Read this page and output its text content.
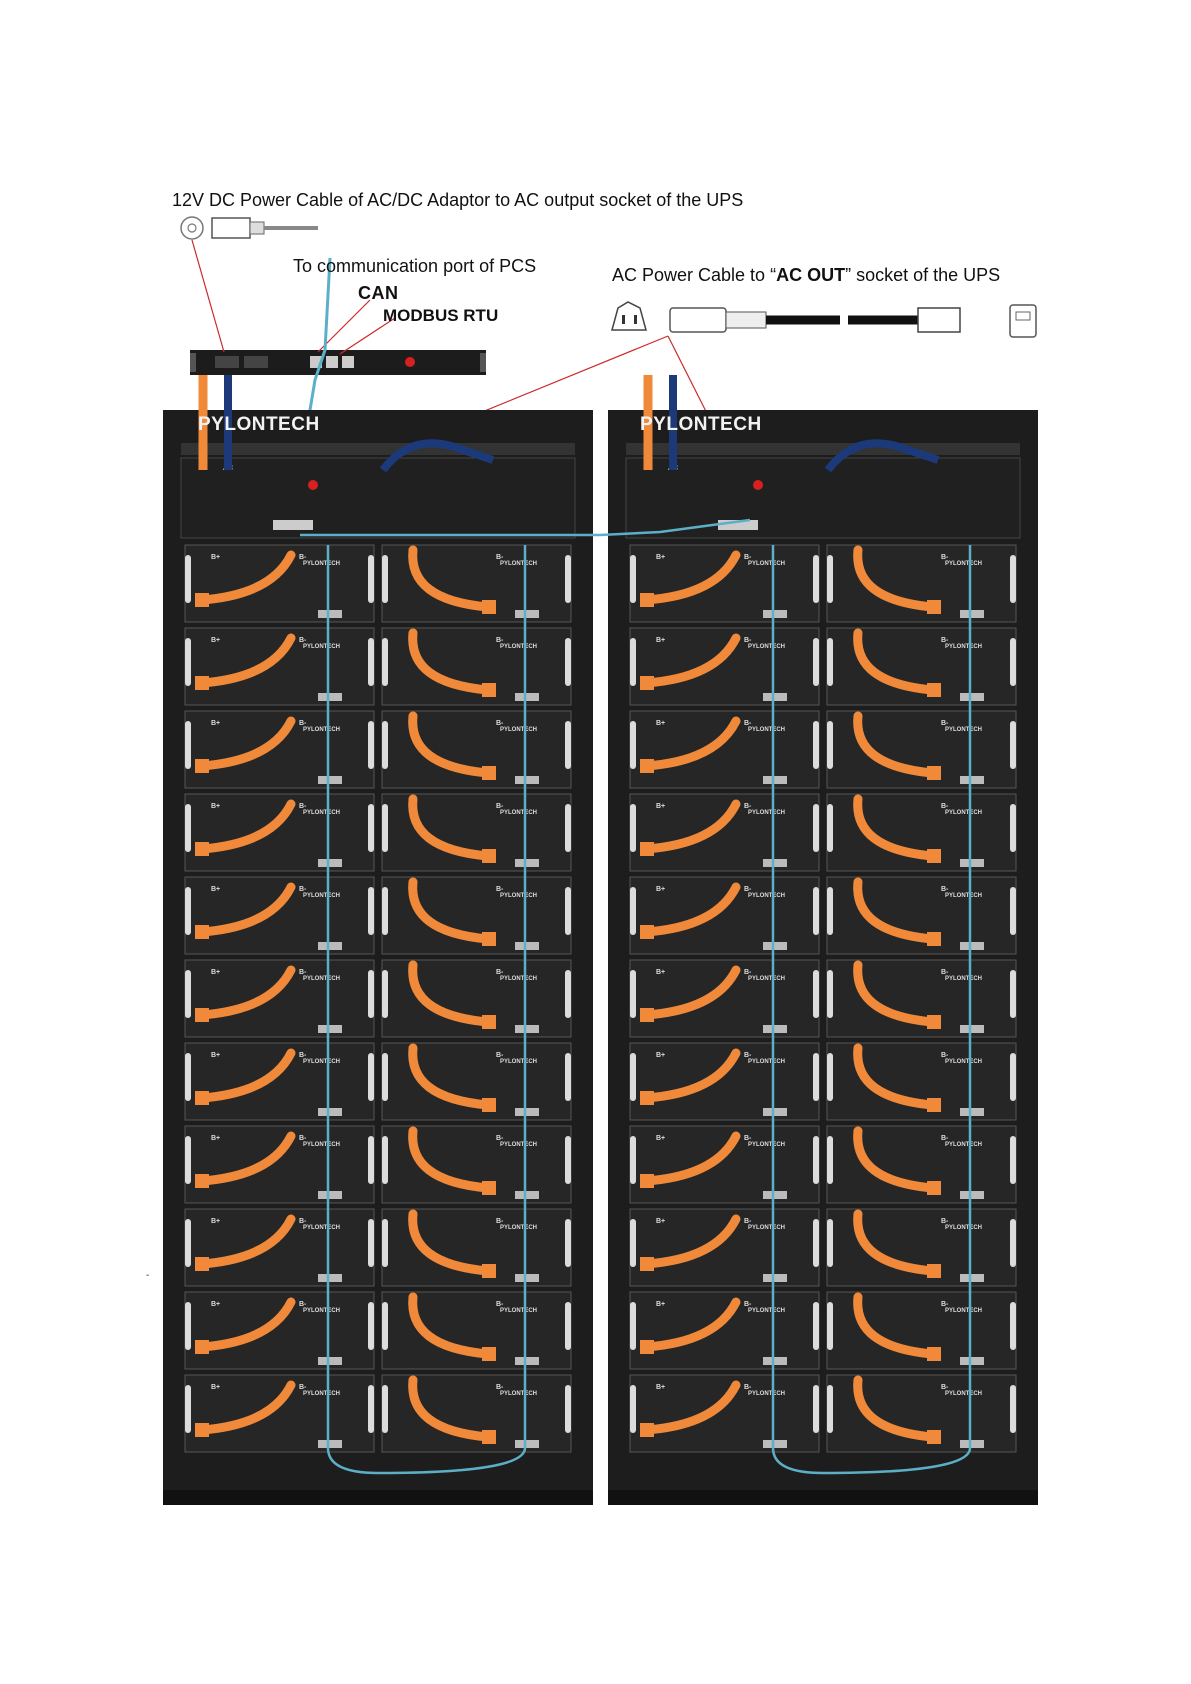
AC
B+	B-
PYLONTECH
B+	B-
PYLONTECH
B+	B-
PYLONTECH
B+	B-
PYLONTECH
B+	B-
PYLONTECH
B+	B-
PYLONTECH
B+	B-
PYLONTECH
B+	B-
PYLONTECH
B+	B-
PYLONTECH
B+	B-
PYLONTECH
B+	B-
PYLONTECH
B+	B-
PYLONTECH
B+	B-
PYLONTECH
B+	B-
PYLONTECH
B+	B-
PYLONTECH
B+	B-
PYLONTECH
B+	B-
PYLONTECH
B+	B-
PYLONTECH
B+	B-
PYLONTECH
B+	B-
PYLONTECH
B+	B-
PYLONTECH
B+	B-
PYLONTECH
AC
B+	B-
PYLONTECH
B+	B-
PYLONTECH
B+	B-
PYLONTECH
B+	B-
PYLONTECH
B+	B-
PYLONTECH
B+	B-
PYLONTECH
B+	B-
PYLONTECH
B+	B-
PYLONTECH
B+	B-
PYLONTECH
B+	B-
PYLONTECH
B+	B-
PYLONTECH
B+	B-
PYLONTECH
B+	B-
PYLONTECH
B+	B-
PYLONTECH
B+	B-
PYLONTECH
B+	B-
PYLONTECH
B+	B-
PYLONTECH
B+	B-
PYLONTECH
B+	B-
PYLONTECH
B+	B-
PYLONTECH
B+	B-
PYLONTECH
B+	B-
PYLONTECH
12V DC Power Cable of AC/DC Adaptor to AC output socket of the UPS
To communication port of PCS
CAN
MODBUS RTU
AC Power Cable to “AC OUT” socket of the UPS
PYLONTECH	PYLONTECH
-
